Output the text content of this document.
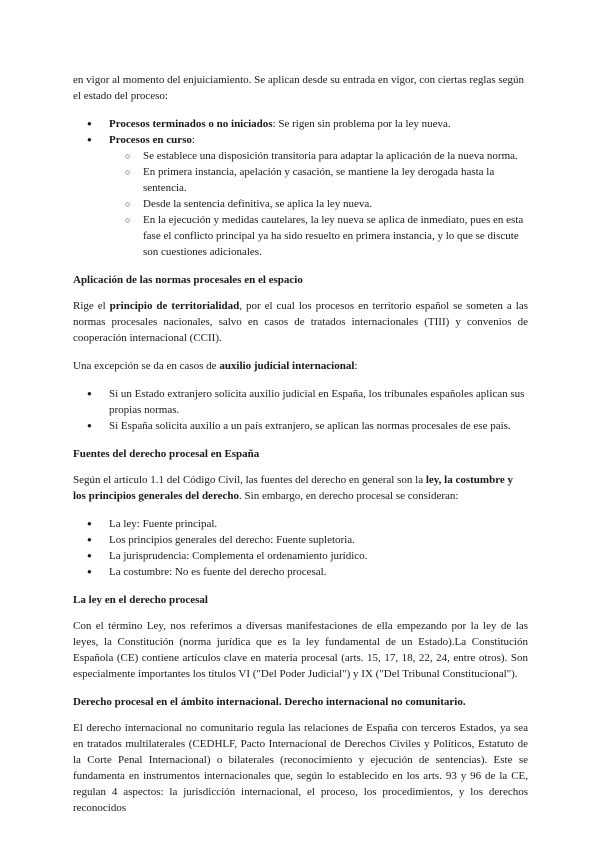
en vigor al momento del enjuiciamiento. Se aplican desde su entrada en vigor, con ciertas reglas según el estado del proceso:

● Procesos terminados o no iniciados: Se rigen sin problema por la ley nueva.
● Procesos en curso:
○ Se establece una disposición transitoria para adaptar la aplicación de la nueva norma.
○ En primera instancia, apelación y casación, se mantiene la ley derogada hasta la sentencia.
○ Desde la sentencia definitiva, se aplica la ley nueva.
○ En la ejecución y medidas cautelares, la ley nueva se aplica de inmediato, pues en esta fase el conflicto principal ya ha sido resuelto en primera instancia, y lo que se discute son cuestiones adicionales.
Aplicación de las normas procesales en el espacio

Rige el principio de territorialidad, por el cual los procesos en territorio español se someten a las normas procesales nacionales, salvo en casos de tratados internacionales (TIII) y convenios de cooperación internacional (CCII).

Una excepción se da en casos de auxilio judicial internacional:

● Si un Estado extranjero solicita auxilio judicial en España, los tribunales españoles aplican sus propias normas.
● Si España solicita auxilio a un país extranjero, se aplican las normas procesales de ese país.
Fuentes del derecho procesal en España

Según el artículo 1.1 del Código Civil, las fuentes del derecho en general son la ley, la costumbre y los principios generales del derecho. Sin embargo, en derecho procesal se consideran:

● La ley: Fuente principal.
● Los principios generales del derecho: Fuente supletoria.
● La jurisprudencia: Complementa el ordenamiento jurídico.
● La costumbre: No es fuente del derecho procesal.
La ley en el derecho procesal

Con el término Ley, nos referimos a diversas manifestaciones de ella empezando por la ley de las leyes, la Constitución (norma jurídica que es la ley fundamental de un Estado).La Constitución Española (CE) contiene artículos clave en materia procesal (arts. 15, 17, 18, 22, 24, entre otros). Son especialmente importantes los títulos VI ("Del Poder Judicial") y IX ("Del Tribunal Constitucional").

Derecho procesal en el ámbito internacional. Derecho internacional no comunitario.

El derecho internacional no comunitario regula las relaciones de España con terceros Estados, ya sea en tratados multilaterales (CEDHLF, Pacto Internacional de Derechos Civiles y Políticos, Estatuto de la Corte Penal Internacional) o bilaterales (reconocimiento y ejecución de sentencias). Este se fundamenta en instrumentos internacionales que, según lo establecido en los arts. 93 y 96 de la CE, regulan 4 aspectos: la jurisdicción internacional, el proceso, los procedimientos, y los derechos reconocidos
